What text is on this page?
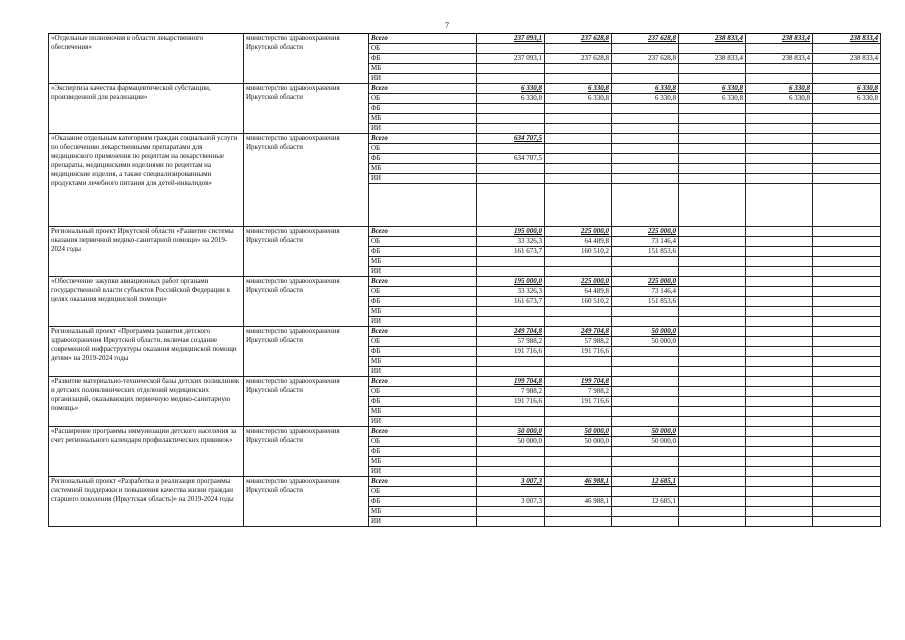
7
«Отдельные полномочия в области лекарственного обеспечения»	министерство здравоохранения Иркутской области	Всего	237 093,1	237 628,8	237 628,8	238 833,4	238 833,4	238 833,4
		ОБ						
		ФБ	237 093,1	237 628,8	237 628,8	238 833,4	238 833,4	238 833,4
		МБ						
		ИИ						
«Экспертиза качества фармацевтической субстанции, произведенной для реализации»	министерство здравоохранения Иркутской области	Всего	6 330,8	6 330,8	6 330,8	6 330,8	6 330,8	6 330,8
		ОБ	6 330,8	6 330,8	6 330,8	6 330,8	6 330,8	6 330,8
		ФБ						
		МБ						
		ИИ						
«Оказание отдельным категориям граждан социальной услуги по обеспечению лекарственными препаратами для медицинского применения по рецептам на лекарственные препараты, медицинскими изделиями по рецептам на медицинские изделия, а также специализированными продуктами лечебного питания для детей-инвалидов»	министерство здравоохранения Иркутской области	Всего	634 707,5					
		ОБ						
		ФБ	634 707,5					
		МБ						
		ИИ						

Региональный проект Иркутской области «Развитие системы оказания первичной медико-санитарной помощи» на 2019-2024 годы	министерство здравоохранения Иркутской области	Всего	195 000,0	225 000,0	225 000,0			
		ОБ	33 326,3	64 489,8	73 146,4			
		ФБ	161 673,7	160 510,2	151 853,6			
		МБ						
		ИИ						
«Обеспечение закупки авиационных работ органами государственной власти субъектов Российской Федерации в целях оказания медицинской помощи»	министерство здравоохранения Иркутской области	Всего	195 000,0	225 000,0	225 000,0			
		ОБ	33 326,3	64 489,8	73 146,4			
		ФБ	161 673,7	160 510,2	151 853,6			
		МБ						
		ИИ						
Региональный проект «Программа развития детского здравоохранения Иркутской области, включая создание современной инфраструктуры оказания медицинской помощи детям» на 2019-2024 годы	министерство здравоохранения Иркутской области	Всего	249 704,8	249 704,8	50 000,0			
		ОБ	57 988,2	57 988,2	50 000,0			
		ФБ	191 716,6	191 716,6				
		МБ						
		ИИ						
«Развитие материально-технической базы детских поликлиник и детских поликлинических отделений медицинских организаций, оказывающих первичную медико-санитарную помощь»	министерство здравоохранения Иркутской области	Всего	199 704,8	199 704,8				
		ОБ	7 988,2	7 988,2				
		ФБ	191 716,6	191 716,6				
		МБ						
		ИИ						
«Расширение программы иммунизации детского населения за счет регионального календаря профилактических прививок»	министерство здравоохранения Иркутской области	Всего	50 000,0	50 000,0	50 000,0			
		ОБ	50 000,0	50 000,0	50 000,0			
		ФБ						
		МБ						
		ИИ						
Региональный проект «Разработка и реализация программы системной поддержки и повышения качества жизни граждан старшего поколения (Иркутская область)» на 2019-2024 годы	министерство здравоохранения Иркутской области	Всего	3 007,3	46 988,1	12 685,1			
		ОБ						
		ФБ	3 007,3	46 988,1	12 685,1			
		МБ						
		ИИ						
